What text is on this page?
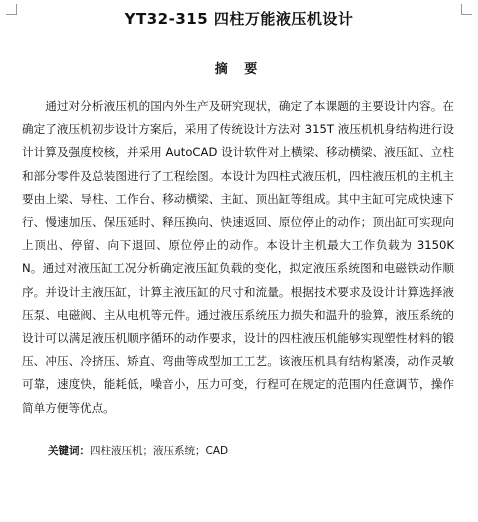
YT32-315 四柱万能液压机设计
摘 要

通过对分析液压机的国内外生产及研究现状，确定了本课题的主要设计内容。在确定了液压机初步设计方案后，采用了传统设计方法对 315T 液压机机身结构进行设计计算及强度校核，并采用 AutoCAD 设计软件对上横梁、移动横梁、液压缸、立柱和部分零件及总装图进行了工程绘图。本设计为四柱式液压机，四柱液压机的主机主要由上梁、导柱、工作台、移动横梁、主缸、顶出缸等组成。其中主缸可完成快速下行、慢速加压、保压延时、释压换向、快速返回、原位停止的动作；顶出缸可实现向上顶出、停留、向下退回、原位停止的动作。本设计主机最大工作负载为 3150KN。通过对液压缸工况分析确定液压缸负载的变化，拟定液压系统图和电磁铁动作顺序。并设计主液压缸，计算主液压缸的尺寸和流量。根据技术要求及设计计算选择液压泵、电磁阀、主从电机等元件。通过液压系统压力损失和温升的验算，液压系统的设计可以满足液压机顺序循环的动作要求，设计的四柱液压机能够实现塑性材料的锻压、冲压、冷挤压、矫直、弯曲等成型加工工艺。该液压机具有结构紧凑，动作灵敏可靠，速度快，能耗低，噪音小，压力可变，行程可在规定的范围内任意调节，操作简单方便等优点。

关键词：四柱液压机；液压系统；CAD
